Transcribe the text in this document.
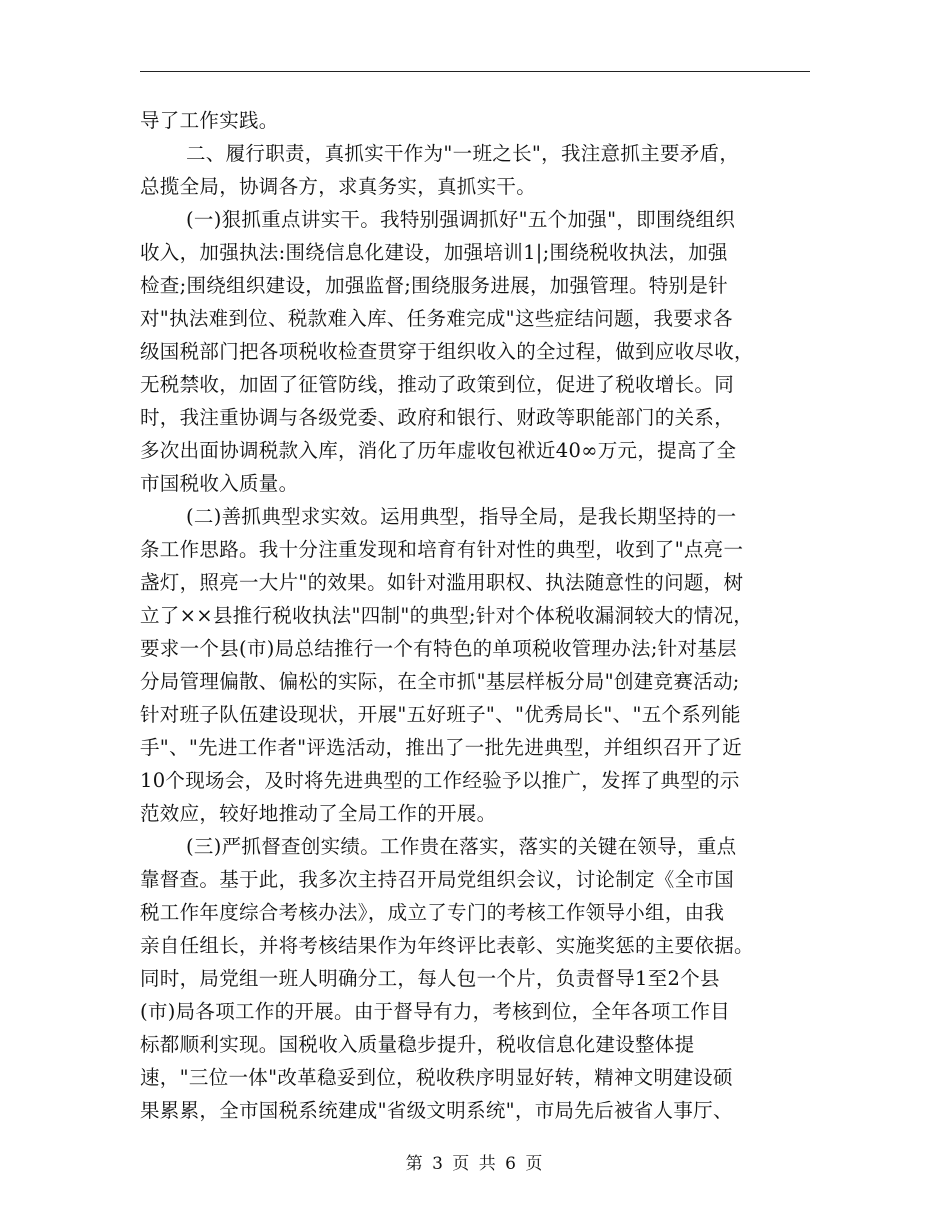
导了工作实践。
二、履行职责，真抓实干作为"一班之长"，我注意抓主要矛盾，
总揽全局，协调各方，求真务实，真抓实干。
(一)狠抓重点讲实干。我特别强调抓好"五个加强"，即围绕组织
收入，加强执法:围绕信息化建设，加强培训1|;围绕税收执法，加强
检查;围绕组织建设，加强监督;围绕服务进展，加强管理。特别是针
对"执法难到位、税款难入库、任务难完成"这些症结问题，我要求各
级国税部门把各项税收检查贯穿于组织收入的全过程，做到应收尽收，
无税禁收，加固了征管防线，推动了政策到位，促进了税收增长。同
时，我注重协调与各级党委、政府和银行、财政等职能部门的关系，
多次出面协调税款入库，消化了历年虚收包袱近40∞万元，提高了全
市国税收入质量。
(二)善抓典型求实效。运用典型，指导全局，是我长期坚持的一
条工作思路。我十分注重发现和培育有针对性的典型，收到了"点亮一
盏灯，照亮一大片"的效果。如针对滥用职权、执法随意性的问题，树
立了××县推行税收执法"四制"的典型;针对个体税收漏洞较大的情况，
要求一个县(市)局总结推行一个有特色的单项税收管理办法;针对基层
分局管理偏散、偏松的实际，在全市抓"基层样板分局"创建竞赛活动;
针对班子队伍建设现状，开展"五好班子"、"优秀局长"、"五个系列能
手"、"先进工作者"评选活动，推出了一批先进典型，并组织召开了近
10个现场会，及时将先进典型的工作经验予以推广，发挥了典型的示
范效应，较好地推动了全局工作的开展。
(三)严抓督查创实绩。工作贵在落实，落实的关键在领导，重点
靠督查。基于此，我多次主持召开局党组织会议，讨论制定《全市国
税工作年度综合考核办法》，成立了专门的考核工作领导小组，由我
亲自任组长，并将考核结果作为年终评比表彰、实施奖惩的主要依据。
同时，局党组一班人明确分工，每人包一个片，负责督导1至2个县
(市)局各项工作的开展。由于督导有力，考核到位，全年各项工作目
标都顺利实现。国税收入质量稳步提升，税收信息化建设整体提
速，"三位一体"改革稳妥到位，税收秩序明显好转，精神文明建设硕
果累累，全市国税系统建成"省级文明系统"，市局先后被省人事厅、
第 3 页 共 6 页
